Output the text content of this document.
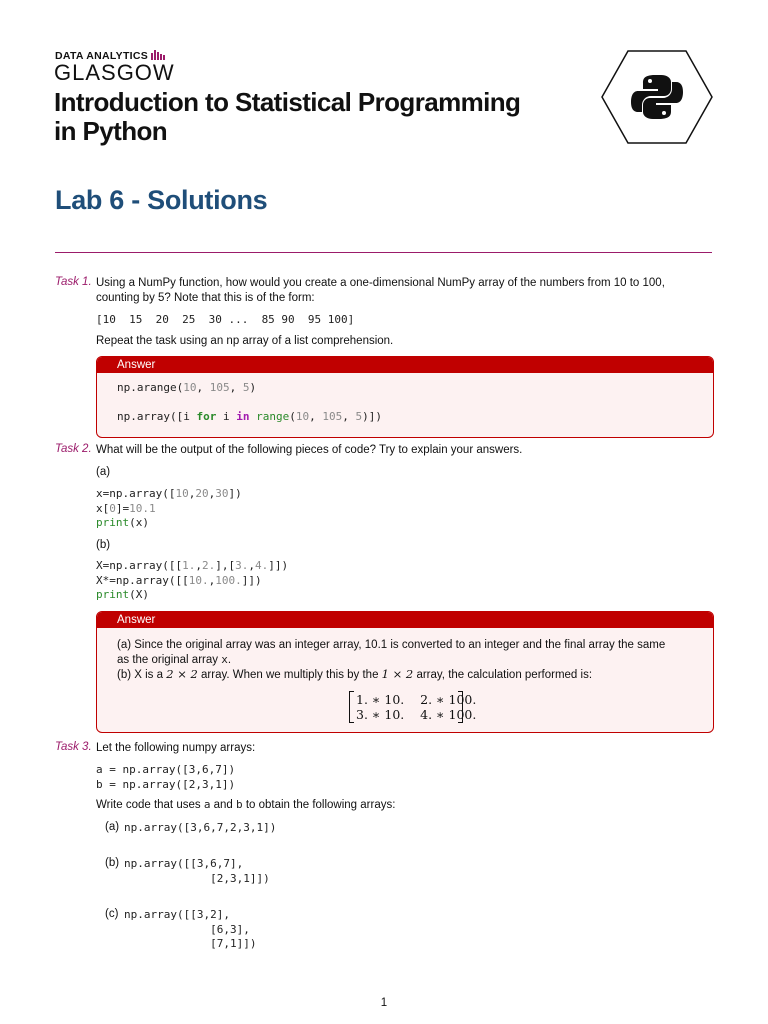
DATA ANALYTICS
GLASGOW
Introduction to Statistical Programming
in Python
Lab 6 - Solutions
Task 1. Using a NumPy function, how would you create a one-dimensional NumPy array of the numbers from 10 to 100,
counting by 5? Note that this is of the form:
[10  15  20  25  30 ...  85 90  95 100]
Repeat the task using an np array of a list comprehension.
Answer
np.arange(10, 105, 5)
np.array([i for i in range(10, 105, 5)])
Task 2. What will be the output of the following pieces of code? Try to explain your answers.
(a)
x=np.array([10,20,30])
x[0]=10.1
print(x)
(b)
X=np.array([[1.,2.],[3.,4.]])
X*=np.array([[10.,100.]])
print(X)
Answer
(a) Since the original array was an integer array, 10.1 is converted to an integer and the final array the same
as the original array x.
(b) X is a 2 × 2 array. When we multiply this by the 1 × 2 array, the calculation performed is:
1. ∗ 10.    2. ∗ 100.
3. ∗ 10.    4. ∗ 100.
Task 3. Let the following numpy arrays:
a = np.array([3,6,7])
b = np.array([2,3,1])
Write code that uses a and b to obtain the following arrays:
(a) np.array([3,6,7,2,3,1])
(b) np.array([[3,6,7],
[2,3,1]])
(c) np.array([[3,2],
[6,3],
[7,1]])
1
